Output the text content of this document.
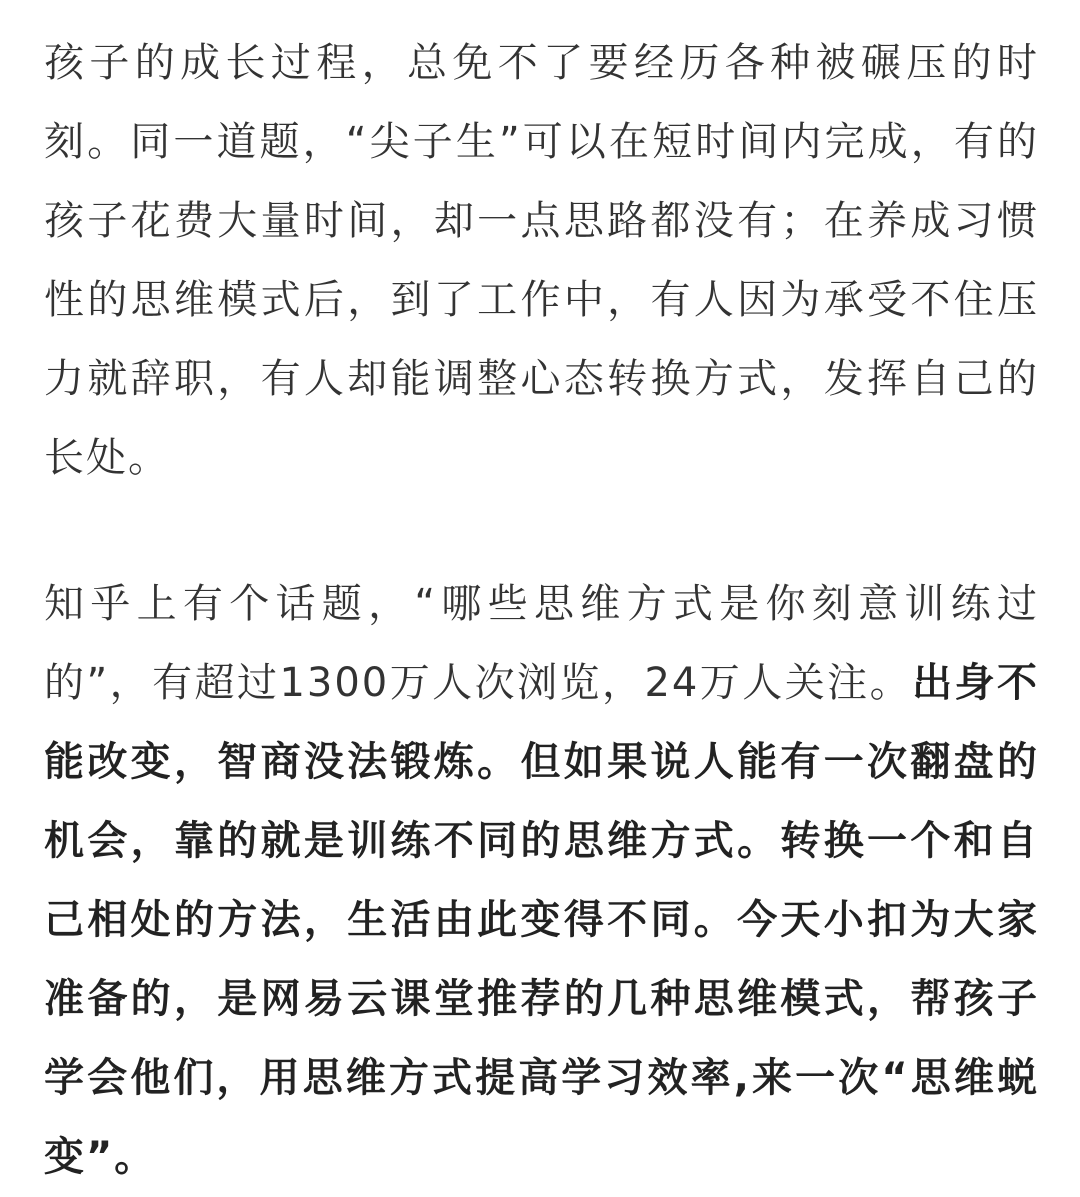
孩子的成长过程，总免不了要经历各种被碾压的时刻。同一道题，“尖子生”可以在短时间内完成，有的孩子花费大量时间，却一点思路都没有；在养成习惯性的思维模式后，到了工作中，有人因为承受不住压力就辞职，有人却能调整心态转换方式，发挥自己的长处。

知乎上有个话题，“哪些思维方式是你刻意训练过的”，有超过1300万人次浏览，24万人关注。出身不能改变，智商没法锻炼。但如果说人能有一次翻盘的机会，靠的就是训练不同的思维方式。转换一个和自己相处的方法，生活由此变得不同。今天小扣为大家准备的，是网易云课堂推荐的几种思维模式，帮孩子学会他们，用思维方式提高学习效率,来一次“思维蜕变”。
